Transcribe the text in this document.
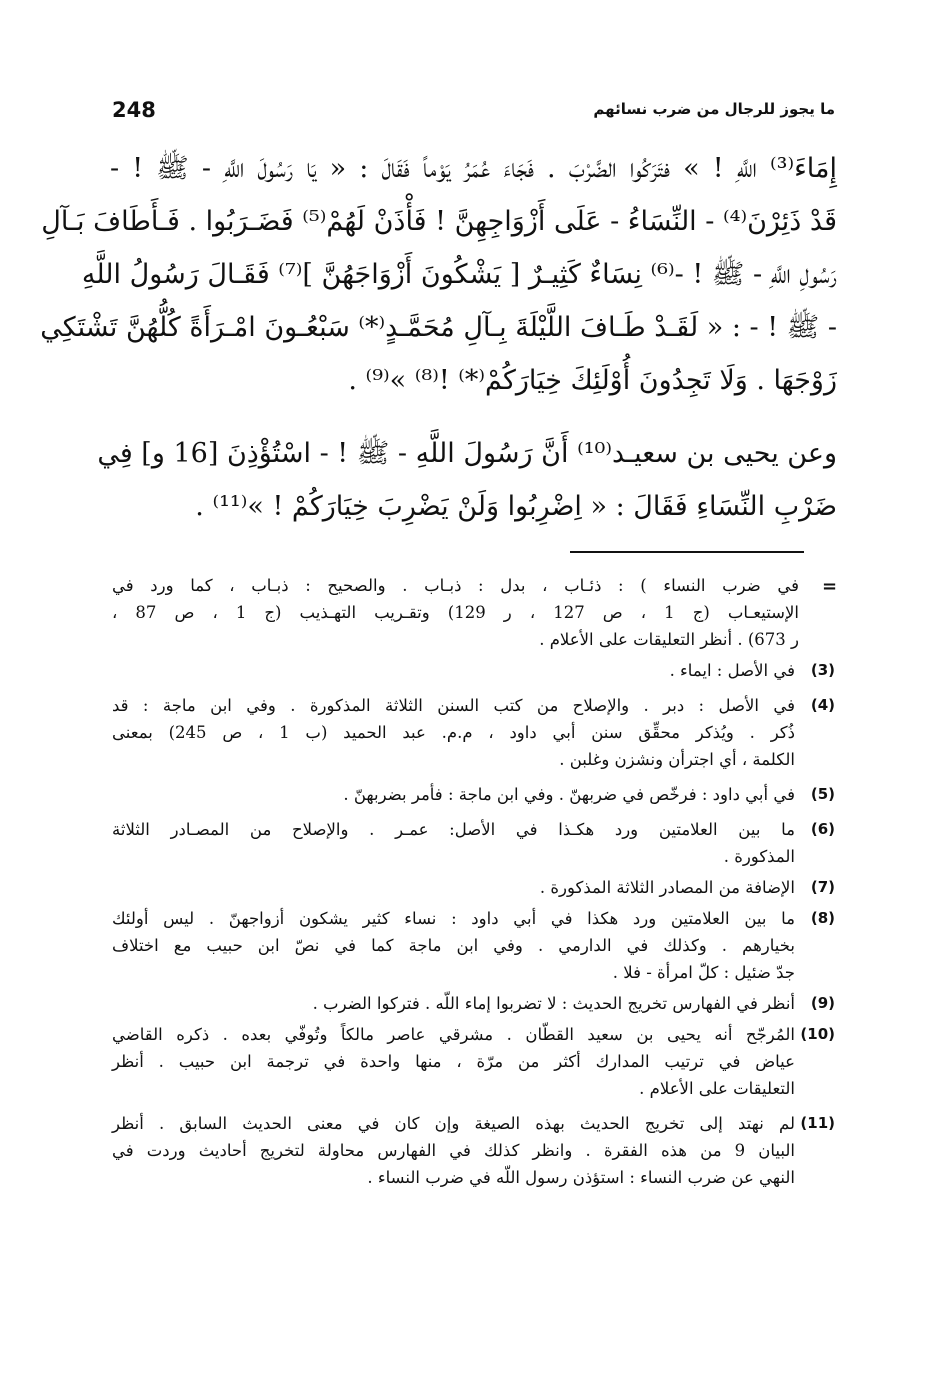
248	ما يجوز للرجال من ضرب نسائهم
إِمَاءَ⁽³⁾ اللَّهِ ! » فتَرَكُوا الضَّرْبَ . فَجَاءَ عُمَرُ يَوْماً فَقَالَ : « يَا رَسُولَ اللَّهِ - ﷺ ! -
قَدْ ذَئِرْنَ⁽⁴⁾ - النِّسَاءُ - عَلَى أَزْوَاجِهِنَّ ! فَأْذَنْ لَهُمْ⁽⁵⁾ فَضَـرَبُوا . فَـأَطَافَ بَـآلِ
رَسُولِ اللَّهِ - ﷺ ! -⁽⁶⁾ نِسَاءٌ كَثِيـرٌ [ يَشْكُونَ أَزْوَاجَهُنَّ ]⁽⁷⁾ فَقَـالَ رَسُولُ اللَّهِ
- ﷺ ! - : « لَقَـدْ طَـافَ اللَّيْلَةَ بِـآلِ مُحَمَّـدٍ⁽*⁾ سَبْعُـونَ امْـرَأَةً كُلُّهُنَّ تَشْتَكِي
زَوْجَهَا . وَلَا تَجِدُونَ أُوْلَئِكَ خِيَارَكُمْ⁽*⁾ !⁽⁸⁾ »⁽⁹⁾ .
وعن يحيى بن سعيـد⁽¹⁰⁾ أَنَّ رَسُولَ اللَّهِ - ﷺ ! - اسْتُؤْذِنَ [16 و] فِي
ضَرْبِ النِّسَاءِ فَقَالَ : « اِضْرِبُوا وَلَنْ يَضْرِبَ خِيَارَكُمْ ! »⁽¹¹⁾ .
=
في ضرب النساء ) : ذئـاب ، بدل : ذبـاب . والصحيح : ذبـاب ، كما ورد في
الإستيعـاب (ج 1 ، ص 127 ، ر 129) وتقـريب التهـذيب (ج 1 ، ص 87 ،
ر 673) . أنظر التعليقات على الأعلام .
(3)
في الأصل : ايماء .
(4)
في الأصل : دبر . والإصلاح من كتب السنن الثلاثة المذكورة . وفي ابن ماجة : قد
ذُكر . ويُذكر محقِّق سنن أبي داود ، م.م. عبد الحميد (ب 1 ، ص 245) بمعنى
الكلمة ، أي اجترأن ونشزن وغلبن .
(5)
في أبي داود : فرخّص في ضربهنّ . وفي ابن ماجة : فأمر بضربهنّ .
(6)
ما بين العلامتين ورد هكـذا في الأصل: عمـر . والإصلاح من المصـادر الثلاثة
المذكورة .
(7)
الإضافة من المصادر الثلاثة المذكورة .
(8)
ما بين العلامتين ورد هكذا في أبي داود : نساء كثير يشكون أزواجهنّ . ليس أولئك
بخيارهم . وكذلك في الدارمي . وفي ابن ماجة كما في نصّ ابن حبيب مع اختلاف
جدّ ضئيل : كلّ امرأة - فلا .
(9)
أنظر في الفهارس تخريج الحديث : لا تضربوا إماء اللّه . فتركوا الضرب .
(10)
المُرجّح أنه يحيى بن سعيد القطّان . مشرقي عاصر مالكاً وتُوفّي بعده . ذكره القاضي
عياض في ترتيب المدارك أكثر من مرّة ، منها واحدة في ترجمة ابن حبيب . أنظر
التعليقات على الأعلام .
(11)
لم نهتد إلى تخريج الحديث بهذه الصيغة وإن كان في معنى الحديث السابق . أنظر
البيان 9 من هذه الفقرة . وانظر كذلك في الفهارس محاولة لتخريج أحاديث وردت في
النهي عن ضرب النساء : استؤذن رسول اللّه في ضرب النساء .
